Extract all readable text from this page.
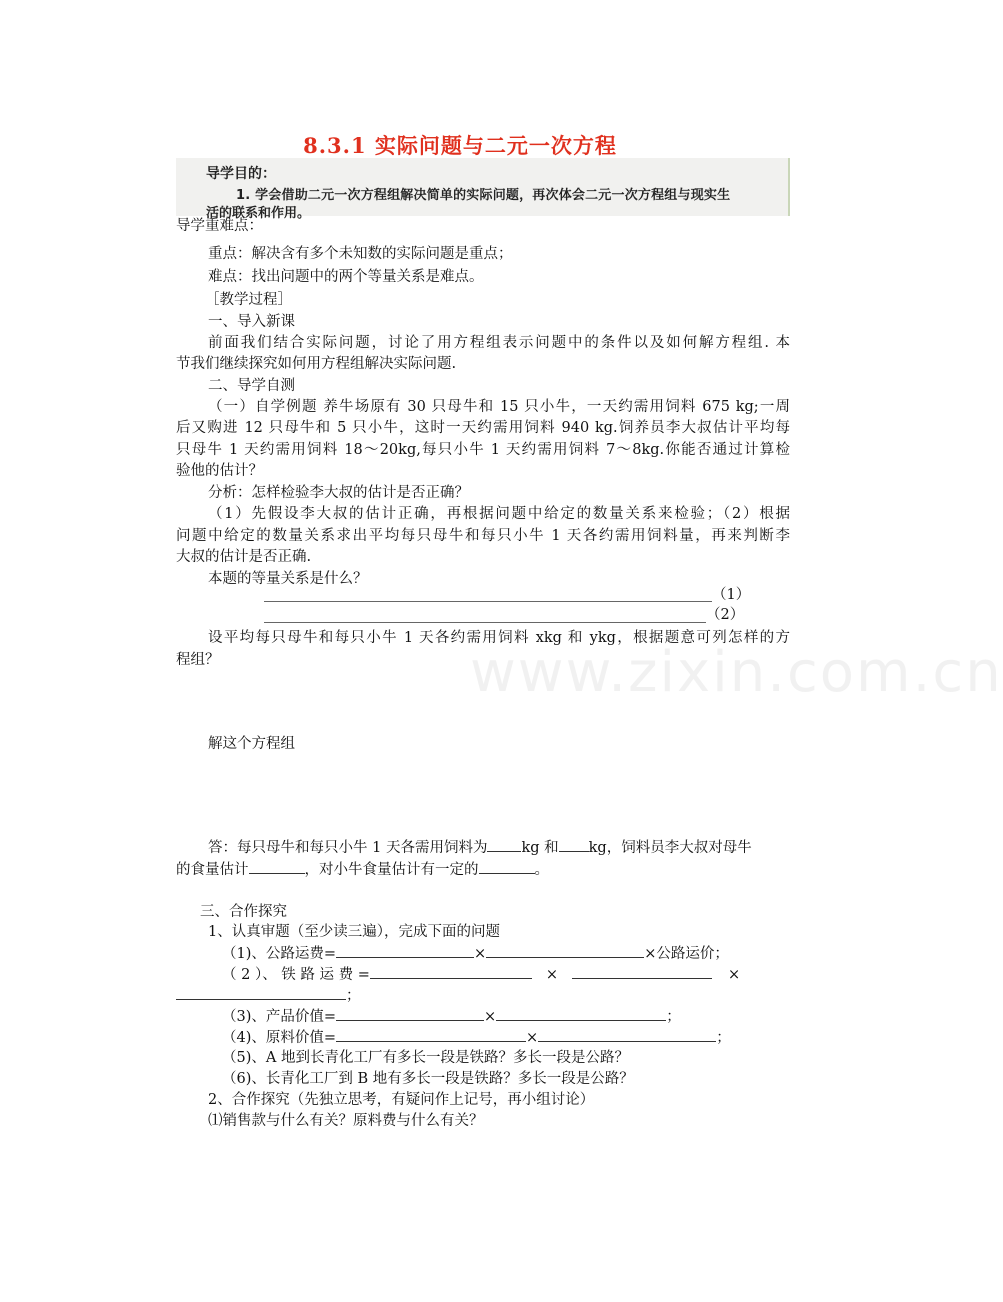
www.zixin.com.cn
8.3.1 实际问题与二元一次方程
导学目的：
1. 学会借助二元一次方程组解决简单的实际问题，再次体会二元一次方程组与现实生
活的联系和作用。
导学重难点：
重点：解决含有多个未知数的实际问题是重点；
难点：找出问题中的两个等量关系是难点。
［教学过程］
一、导入新课
前面我们结合实际问题，讨论了用方程组表示问题中的条件以及如何解方程组. 本
节我们继续探究如何用方程组解决实际问题.
二、导学自测
（一）自学例题 养牛场原有 30 只母牛和 15 只小牛，一天约需用饲料 675 kg;一周
后又购进 12 只母牛和 5 只小牛，这时一天约需用饲料 940 kg.饲养员李大叔估计平均每
只母牛 1 天约需用饲料 18～20kg,每只小牛 1 天约需用饲料 7～8kg.你能否通过计算检
验他的估计？
分析：怎样检验李大叔的估计是否正确？
（1）先假设李大叔的估计正确，再根据问题中给定的数量关系来检验；（2）根据
问题中给定的数量关系求出平均每只母牛和每只小牛 1 天各约需用饲料量，再来判断李
大叔的估计是否正确.
本题的等量关系是什么？
（1）
（2）
设平均每只母牛和每只小牛 1 天各约需用饲料 xkg 和 ykg，根据题意可列怎样的方
程组？
解这个方程组
答：每只母牛和每只小牛 1 天各需用饲料为 kg 和 kg，饲料员李大叔对母牛
的食量估计	，对小牛食量估计有一定的	。
三、合作探究
1、认真审题（至少读三遍），完成下面的问题
（1)、公路运费=	×	×公路运价；
（ 2 ）、 铁 路 运 费 =	×	×
；
（3)、产品价值=	×	；
（4)、原料价值=	×	；
（5)、A 地到长青化工厂有多长一段是铁路？多长一段是公路？
（6)、长青化工厂到 B 地有多长一段是铁路？多长一段是公路？
2、合作探究（先独立思考，有疑问作上记号，再小组讨论）
⑴销售款与什么有关？原料费与什么有关？
